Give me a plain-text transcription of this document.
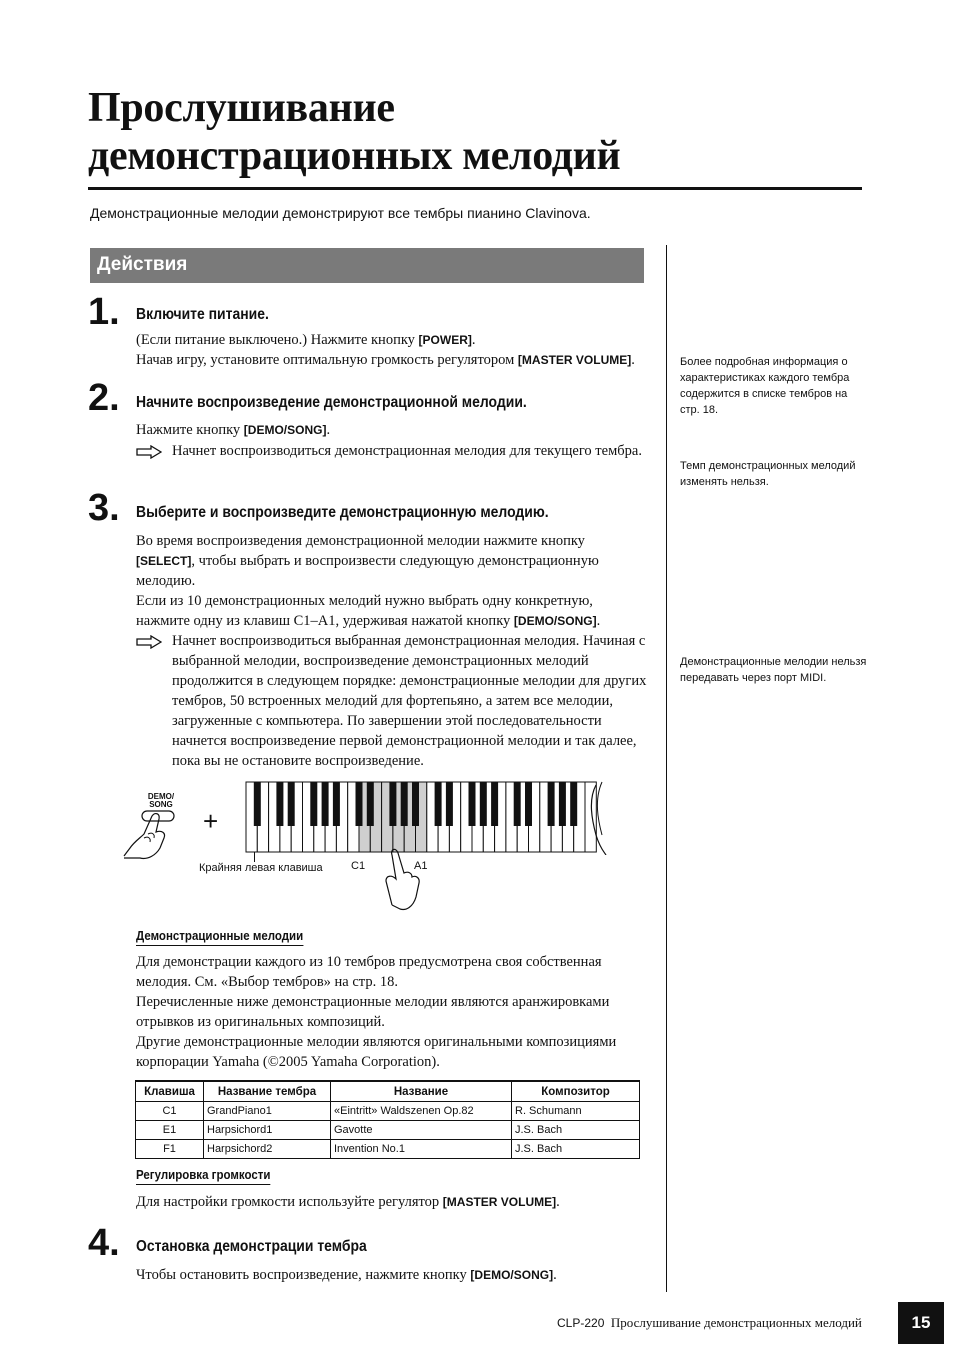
Прослушивание
демонстрационных мелодий
Демонстрационные мелодии демонстрируют все тембры пианино Clavinova.
Действия
1. Включите питание.
(Если питание выключено.) Нажмите кнопку [POWER].
Начав игру, установите оптимальную громкость регулятором [MASTER VOLUME].
2. Начните воспроизведение демонстрационной мелодии.
Нажмите кнопку [DEMO/SONG].
Начнет воспроизводиться демонстрационная мелодия для текущего тембра.
3. Выберите и воспроизведите демонстрационную мелодию.
Во время воспроизведения демонстрационной мелодии нажмите кнопку [SELECT], чтобы выбрать и воспроизвести следующую демонстрационную мелодию.
Если из 10 демонстрационных мелодий нужно выбрать одну конкретную, нажмите одну из клавиш C1–A1, удерживая нажатой кнопку [DEMO/SONG].
Начнет воспроизводиться выбранная демонстрационная мелодия. Начиная с выбранной мелодии, воспроизведение демонстрационных мелодий продолжится в следующем порядке: демонстрационные мелодии для других тембров, 50 встроенных мелодий для фортепьяно, а затем все мелодии, загруженные с компьютера. По завершении этой последовательности начнется воспроизведение первой демонстрационной мелодии и так далее, пока вы не остановите воспроизведение.
DEMO/
SONG
+
Крайняя левая клавиша	C1	A1
Демонстрационные мелодии
Для демонстрации каждого из 10 тембров предусмотрена своя собственная мелодия. См. «Выбор тембров» на стр. 18.
Перечисленные ниже демонстрационные мелодии являются аранжировками отрывков из оригинальных композиций.
Другие демонстрационные мелодии являются оригинальными композициями корпорации Yamaha (©2005 Yamaha Corporation).
Клавиша	Название тембра	Название	Композитор
C1	GrandPiano1	«Eintritt» Waldszenen Op.82	R. Schumann
E1	Harpsichord1	Gavotte	J.S. Bach
F1	Harpsichord2	Invention No.1	J.S. Bach
Регулировка громкости
Для настройки громкости используйте регулятор [MASTER VOLUME].
4. Остановка демонстрации тембра
Чтобы остановить воспроизведение, нажмите кнопку [DEMO/SONG].
Более подробная информация о характеристиках каждого тембра содержится в списке тембров на стр. 18.
Темп демонстрационных мелодий изменять нельзя.
Демонстрационные мелодии нельзя передавать через порт MIDI.
CLP-220 Прослушивание демонстрационных мелодий	15
